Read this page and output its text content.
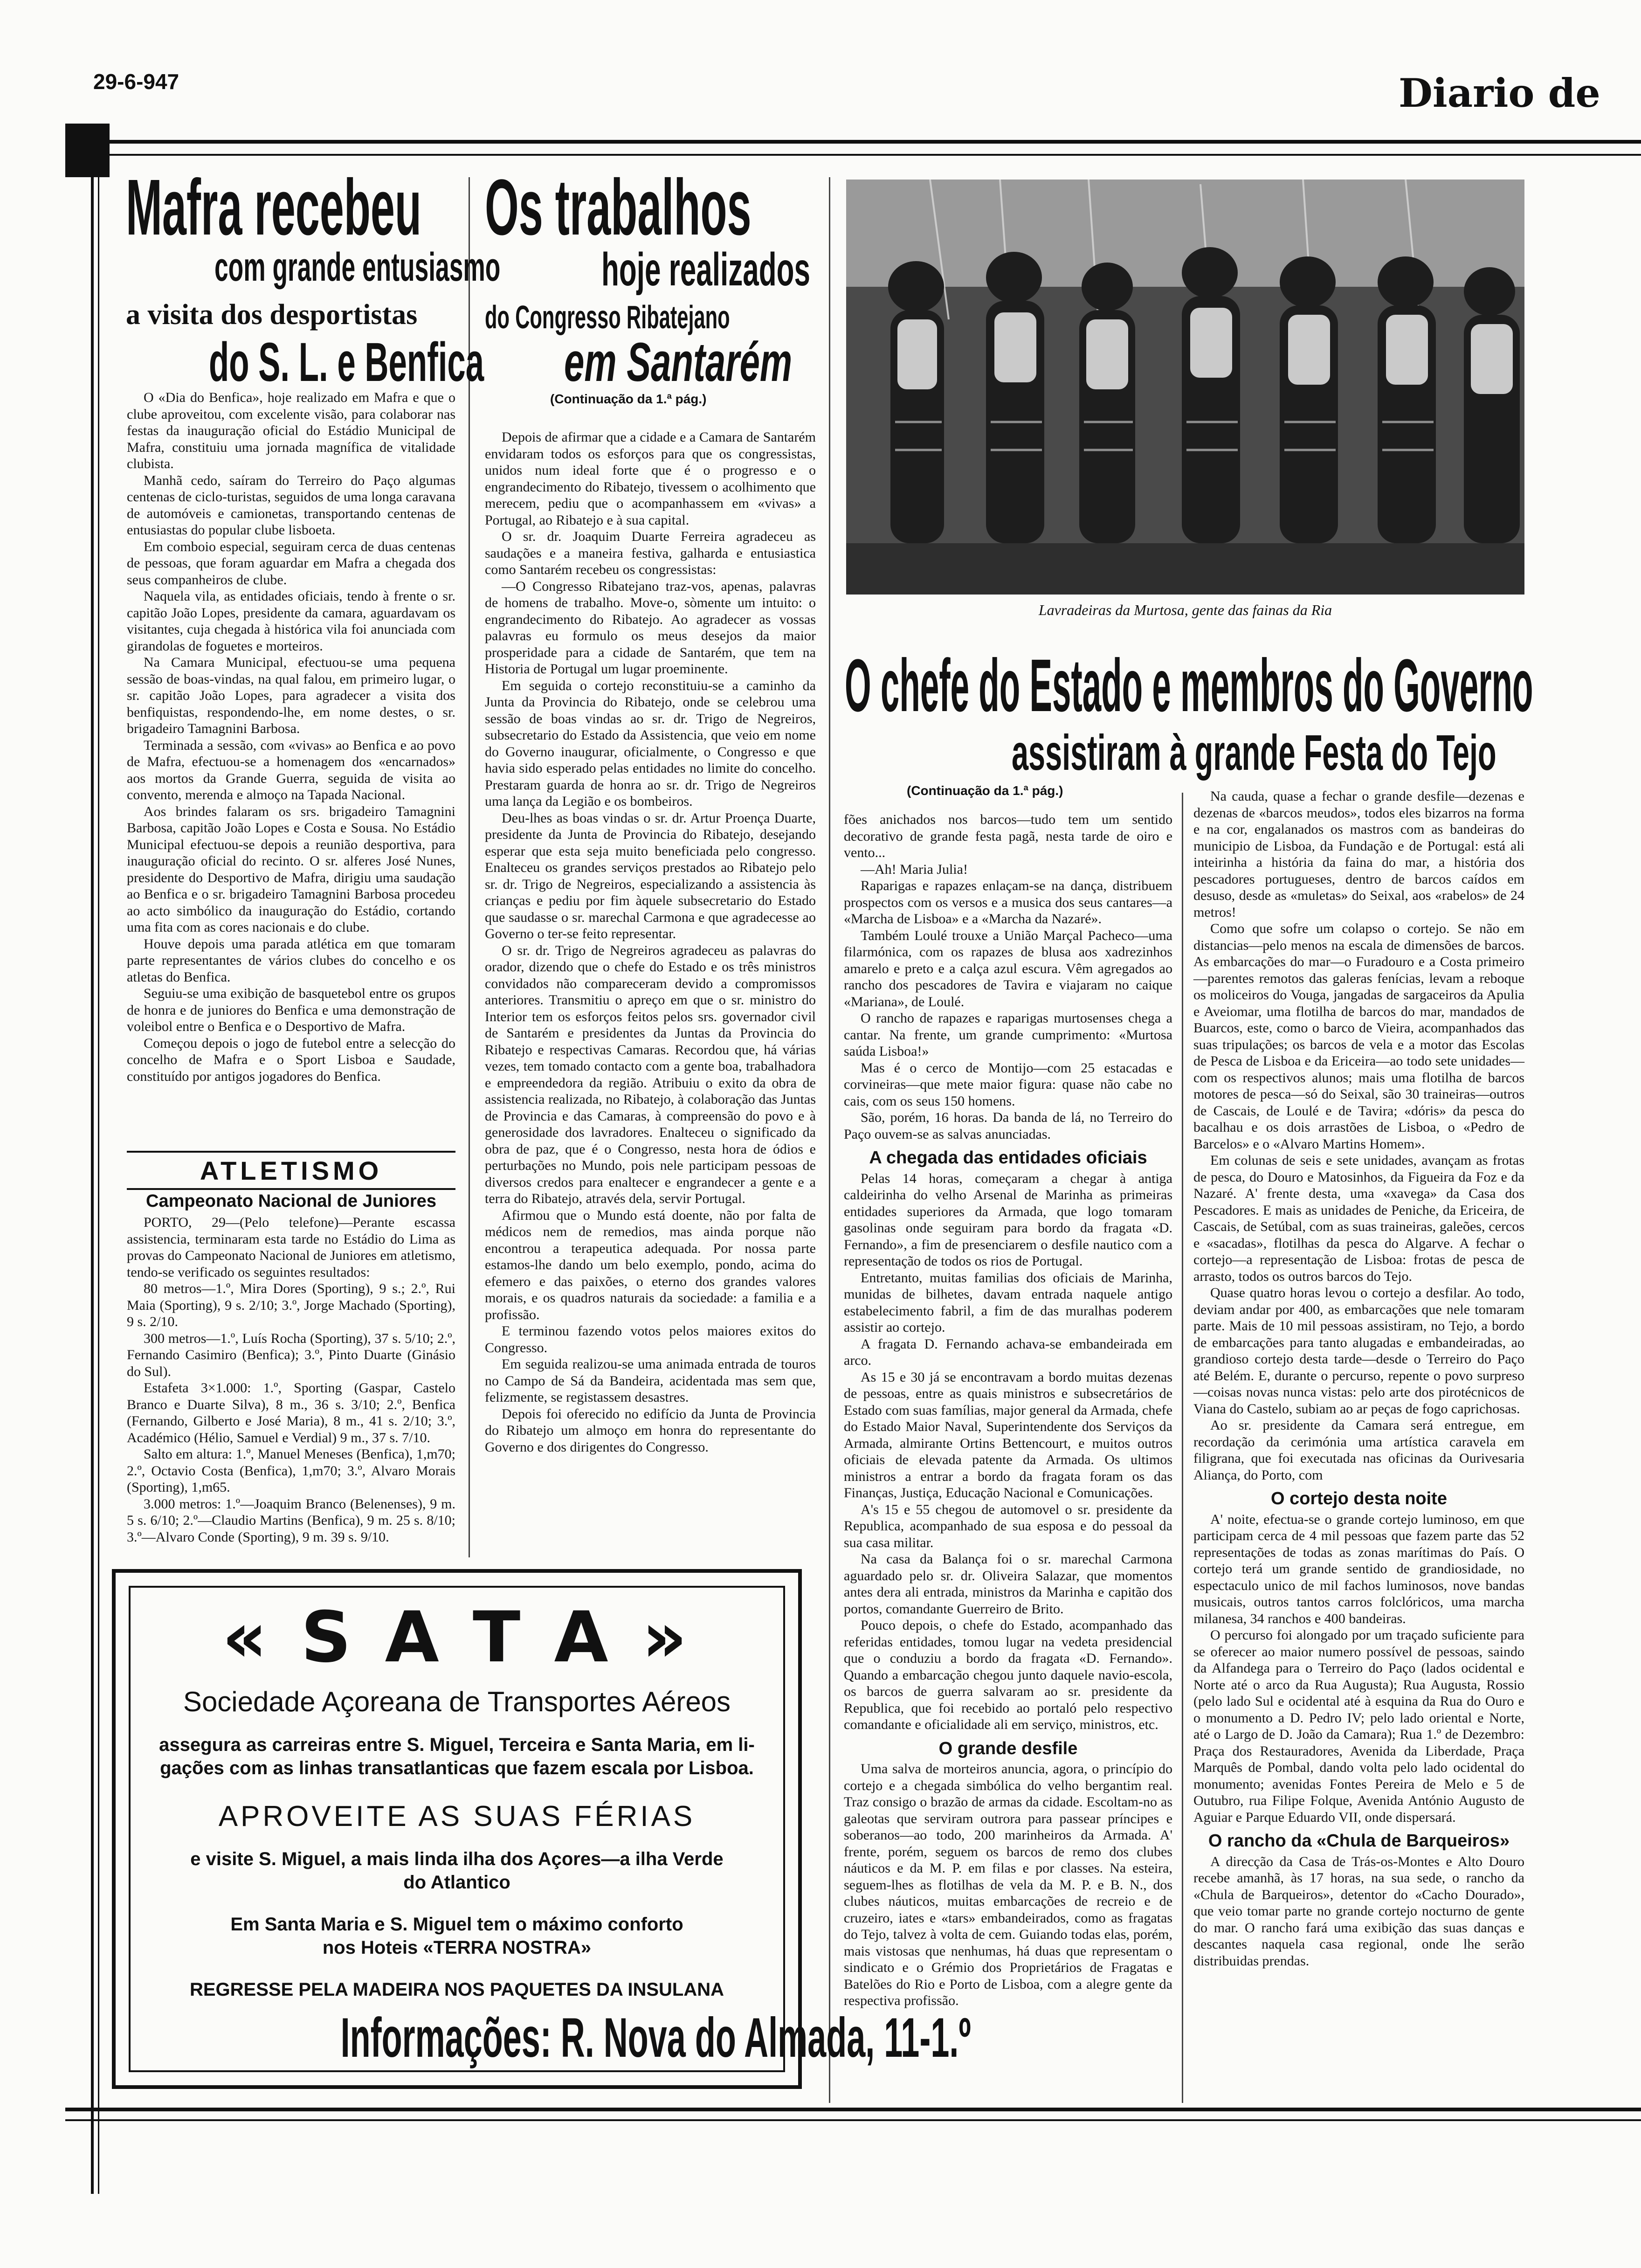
29-6-947	Diario de
Mafra recebeu
com grande entusiasmo
a visita dos desportistas
do S. L. e Benfica

O «Dia do Benfica», hoje realizado em Mafra e que o clube aproveitou, com excelente visão, para colaborar nas festas da inauguração oficial do Estádio Municipal de Mafra, constituiu uma jornada magnífica de vitalidade clubista.

Manhã cedo, saíram do Terreiro do Paço algumas centenas de ciclo-turistas, seguidos de uma longa caravana de automóveis e camionetas, transportando centenas de entusiastas do popular clube lisboeta.

Em comboio especial, seguiram cerca de duas centenas de pessoas, que foram aguardar em Mafra a chegada dos seus companheiros de clube.

Naquela vila, as entidades oficiais, tendo à frente o sr. capitão João Lopes, presidente da camara, aguardavam os visitantes, cuja chegada à histórica vila foi anunciada com girandolas de foguetes e morteiros.

Na Camara Municipal, efectuou-se uma pequena sessão de boas-vindas, na qual falou, em primeiro lugar, o sr. capitão João Lopes, para agradecer a visita dos benfiquistas, respondendo-lhe, em nome destes, o sr. brigadeiro Tamagnini Barbosa.

Terminada a sessão, com «vivas» ao Benfica e ao povo de Mafra, efectuou-se a homenagem dos «encarnados» aos mortos da Grande Guerra, seguida de visita ao convento, merenda e almoço na Tapada Nacional.

Aos brindes falaram os srs. brigadeiro Tamagnini Barbosa, capitão João Lopes e Costa e Sousa. No Estádio Municipal efectuou-se depois a reunião desportiva, para inauguração oficial do recinto. O sr. alferes José Nunes, presidente do Desportivo de Mafra, dirigiu uma saudação ao Benfica e o sr. brigadeiro Tamagnini Barbosa procedeu ao acto simbólico da inauguração do Estádio, cortando uma fita com as cores nacionais e do clube.

Houve depois uma parada atlética em que tomaram parte representantes de vários clubes do concelho e os atletas do Benfica.

Seguiu-se uma exibição de basquetebol entre os grupos de honra e de juniores do Benfica e uma demonstração de voleibol entre o Benfica e o Desportivo de Mafra.

Começou depois o jogo de futebol entre a selecção do concelho de Mafra e o Sport Lisboa e Saudade, constituído por antigos jogadores do Benfica.

ATLETISMO
Campeonato Nacional de Juniores

PORTO, 29—(Pelo telefone)—Perante escassa assistencia, terminaram esta tarde no Estádio do Lima as provas do Campeonato Nacional de Juniores em atletismo, tendo-se verificado os seguintes resultados:

80 metros—1.º, Mira Dores (Sporting), 9 s.; 2.º, Rui Maia (Sporting), 9 s. 2/10; 3.º, Jorge Machado (Sporting), 9 s. 2/10.

300 metros—1.º, Luís Rocha (Sporting), 37 s. 5/10; 2.º, Fernando Casimiro (Benfica); 3.º, Pinto Duarte (Ginásio do Sul).

Estafeta 3×1.000: 1.º, Sporting (Gaspar, Castelo Branco e Duarte Silva), 8 m., 36 s. 3/10; 2.º, Benfica (Fernando, Gilberto e José Maria), 8 m., 41 s. 2/10; 3.º, Académico (Hélio, Samuel e Verdial) 9 m., 37 s. 7/10.

Salto em altura: 1.º, Manuel Meneses (Benfica), 1,m70; 2.º, Octavio Costa (Benfica), 1,m70; 3.º, Alvaro Morais (Sporting), 1,m65.

3.000 metros: 1.º—Joaquim Branco (Belenenses), 9 m. 5 s. 6/10; 2.º—Claudio Martins (Benfica), 9 m. 25 s. 8/10; 3.º—Alvaro Conde (Sporting), 9 m. 39 s. 9/10.

Os trabalhos
hoje realizados
do Congresso Ribatejano
em Santarém
(Continuação da 1.ª pág.)

Depois de afirmar que a cidade e a Camara de Santarém envidaram todos os esforços para que os congressistas, unidos num ideal forte que é o progresso e o engrandecimento do Ribatejo, tivessem o acolhimento que merecem, pediu que o acompanhassem em «vivas» a Portugal, ao Ribatejo e à sua capital.

O sr. dr. Joaquim Duarte Ferreira agradeceu as saudações e a maneira festiva, galharda e entusiastica como Santarém recebeu os congressistas:

—O Congresso Ribatejano traz-vos, apenas, palavras de homens de trabalho. Move-o, sòmente um intuito: o engrandecimento do Ribatejo. Ao agradecer as vossas palavras eu formulo os meus desejos da maior prosperidade para a cidade de Santarém, que tem na Historia de Portugal um lugar proeminente.

Em seguida o cortejo reconstituiu-se a caminho da Junta da Provincia do Ribatejo, onde se celebrou uma sessão de boas vindas ao sr. dr. Trigo de Negreiros, subsecretario do Estado da Assistencia, que veio em nome do Governo inaugurar, oficialmente, o Congresso e que havia sido esperado pelas entidades no limite do concelho. Prestaram guarda de honra ao sr. dr. Trigo de Negreiros uma lança da Legião e os bombeiros.

Deu-lhes as boas vindas o sr. dr. Artur Proença Duarte, presidente da Junta de Provincia do Ribatejo, desejando esperar que esta seja muito beneficiada pelo congresso. Enalteceu os grandes serviços prestados ao Ribatejo pelo sr. dr. Trigo de Negreiros, especializando a assistencia às crianças e pediu por fim àquele subsecretario do Estado que saudasse o sr. marechal Carmona e que agradecesse ao Governo o ter-se feito representar.

O sr. dr. Trigo de Negreiros agradeceu as palavras do orador, dizendo que o chefe do Estado e os três ministros convidados não compareceram devido a compromissos anteriores. Transmitiu o apreço em que o sr. ministro do Interior tem os esforços feitos pelos srs. governador civil de Santarém e presidentes da Juntas da Provincia do Ribatejo e respectivas Camaras. Recordou que, há várias vezes, tem tomado contacto com a gente boa, trabalhadora e empreendedora da região. Atribuiu o exito da obra de assistencia realizada, no Ribatejo, à colaboração das Juntas de Provincia e das Camaras, à compreensão do povo e à generosidade dos lavradores. Enalteceu o significado da obra de paz, que é o Congresso, nesta hora de ódios e perturbações no Mundo, pois nele participam pessoas de diversos credos para enaltecer e engrandecer a gente e a terra do Ribatejo, através dela, servir Portugal.

Afirmou que o Mundo está doente, não por falta de médicos nem de remedios, mas ainda porque não encontrou a terapeutica adequada. Por nossa parte estamos-lhe dando um belo exemplo, pondo, acima do efemero e das paixões, o eterno dos grandes valores morais, e os quadros naturais da sociedade: a familia e a profissão.

E terminou fazendo votos pelos maiores exitos do Congresso.

Em seguida realizou-se uma animada entrada de touros no Campo de Sá da Bandeira, acidentada mas sem que, felizmente, se registassem desastres.

Depois foi oferecido no edifício da Junta de Provincia do Ribatejo um almoço em honra do representante do Governo e dos dirigentes do Congresso.

Lavradeiras da Murtosa, gente das fainas da Ria
O chefe do Estado e membros do Governo
assistiram à grande Festa do Tejo
(Continuação da 1.ª pág.)

fões anichados nos barcos—tudo tem um sentido decorativo de grande festa pagã, nesta tarde de oiro e vento...

—Ah! Maria Julia!

Raparigas e rapazes enlaçam-se na dança, distribuem prospectos com os versos e a musica dos seus cantares—a «Marcha de Lisboa» e a «Marcha da Nazaré».

Também Loulé trouxe a União Marçal Pacheco—uma filarmónica, com os rapazes de blusa aos xadrezinhos amarelo e preto e a calça azul escura. Vêm agregados ao rancho dos pescadores de Tavira e viajaram no caique «Mariana», de Loulé.

O rancho de rapazes e raparigas murtosenses chega a cantar. Na frente, um grande cumprimento: «Murtosa saúda Lisboa!»

Mas é o cerco de Montijo—com 25 estacadas e corvineiras—que mete maior figura: quase não cabe no cais, com os seus 150 homens.

São, porém, 16 horas. Da banda de lá, no Terreiro do Paço ouvem-se as salvas anunciadas.

A chegada das entidades oficiais

Pelas 14 horas, começaram a chegar à antiga caldeirinha do velho Arsenal de Marinha as primeiras entidades superiores da Armada, que logo tomaram gasolinas onde seguiram para bordo da fragata «D. Fernando», a fim de presenciarem o desfile nautico com a representação de todos os rios de Portugal.

Entretanto, muitas familias dos oficiais de Marinha, munidas de bilhetes, davam entrada naquele antigo estabelecimento fabril, a fim de das muralhas poderem assistir ao cortejo.

A fragata D. Fernando achava-se embandeirada em arco.

As 15 e 30 já se encontravam a bordo muitas dezenas de pessoas, entre as quais ministros e subsecretários de Estado com suas famílias, major general da Armada, chefe do Estado Maior Naval, Superintendente dos Serviços da Armada, almirante Ortins Bettencourt, e muitos outros oficiais de elevada patente da Armada. Os ultimos ministros a entrar a bordo da fragata foram os das Finanças, Justiça, Educação Nacional e Comunicações.

A's 15 e 55 chegou de automovel o sr. presidente da Republica, acompanhado de sua esposa e do pessoal da sua casa militar.

Na casa da Balança foi o sr. marechal Carmona aguardado pelo sr. dr. Oliveira Salazar, que momentos antes dera ali entrada, ministros da Marinha e capitão dos portos, comandante Guerreiro de Brito.

Pouco depois, o chefe do Estado, acompanhado das referidas entidades, tomou lugar na vedeta presidencial que o conduziu a bordo da fragata «D. Fernando». Quando a embarcação chegou junto daquele navio-escola, os barcos de guerra salvaram ao sr. presidente da Republica, que foi recebido ao portaló pelo respectivo comandante e oficialidade ali em serviço, ministros, etc.

O grande desfile

Uma salva de morteiros anuncia, agora, o princípio do cortejo e a chegada simbólica do velho bergantim real. Traz consigo o brazão de armas da cidade. Escoltam-no as galeotas que serviram outrora para passear príncipes e soberanos—ao todo, 200 marinheiros da Armada. A' frente, porém, seguem os barcos de remo dos clubes náuticos e da M. P. em filas e por classes. Na esteira, seguem-lhes as flotilhas de vela da M. P. e B. N., dos clubes náuticos, muitas embarcações de recreio e de cruzeiro, iates e «tars» embandeirados, como as fragatas do Tejo, talvez à volta de cem. Guiando todas elas, porém, mais vistosas que nenhumas, há duas que representam o sindicato e o Grémio dos Proprietários de Fragatas e Batelões do Rio e Porto de Lisboa, com a alegre gente da respectiva profissão.

Na cauda, quase a fechar o grande desfile—dezenas e dezenas de «barcos meudos», todos eles bizarros na forma e na cor, engalanados os mastros com as bandeiras do municipio de Lisboa, da Fundação e de Portugal: está ali inteirinha a história da faina do mar, a história dos pescadores portugueses, dentro de barcos caídos em desuso, desde as «muletas» do Seixal, aos «rabelos» de 24 metros!

Como que sofre um colapso o cortejo. Se não em distancias—pelo menos na escala de dimensões de barcos. As embarcações do mar—o Furadouro e a Costa primeiro—parentes remotos das galeras fenícias, levam a reboque os moliceiros do Vouga, jangadas de sargaceiros da Apulia e Aveiomar, uma flotilha de barcos do mar, mandados de Buarcos, este, como o barco de Vieira, acompanhados das suas tripulações; os barcos de vela e a motor das Escolas de Pesca de Lisboa e da Ericeira—ao todo sete unidades—com os respectivos alunos; mais uma flotilha de barcos motores de pesca—só do Seixal, são 30 traineiras—outros de Cascais, de Loulé e de Tavira; «dóris» da pesca do bacalhau e os dois arrastões de Lisboa, o «Pedro de Barcelos» e o «Alvaro Martins Homem».

Em colunas de seis e sete unidades, avançam as frotas de pesca, do Douro e Matosinhos, da Figueira da Foz e da Nazaré. A' frente desta, uma «xavega» da Casa dos Pescadores. E mais as unidades de Peniche, da Ericeira, de Cascais, de Setúbal, com as suas traineiras, galeões, cercos e «sacadas», flotilhas da pesca do Algarve. A fechar o cortejo—a representação de Lisboa: frotas de pesca de arrasto, todos os outros barcos do Tejo.

Quase quatro horas levou o cortejo a desfilar. Ao todo, deviam andar por 400, as embarcações que nele tomaram parte. Mais de 10 mil pessoas assistiram, no Tejo, a bordo de embarcações para tanto alugadas e embandeiradas, ao grandioso cortejo desta tarde—desde o Terreiro do Paço até Belém. E, durante o percurso, repente o povo surpreso—coisas novas nunca vistas: pelo arte dos pirotécnicos de Viana do Castelo, subiam ao ar peças de fogo caprichosas.

Ao sr. presidente da Camara será entregue, em recordação da cerimónia uma artística caravela em filigrana, que foi executada nas oficinas da Ourivesaria Aliança, do Porto, com

O cortejo desta noite

A' noite, efectua-se o grande cortejo luminoso, em que participam cerca de 4 mil pessoas que fazem parte das 52 representações de todas as zonas marítimas do País. O cortejo terá um grande sentido de grandiosidade, no espectaculo unico de mil fachos luminosos, nove bandas musicais, outros tantos carros folclóricos, uma marcha milanesa, 34 ranchos e 400 bandeiras.

O percurso foi alongado por um traçado suficiente para se oferecer ao maior numero possível de pessoas, saindo da Alfandega para o Terreiro do Paço (lados ocidental e Norte até o arco da Rua Augusta); Rua Augusta, Rossio (pelo lado Sul e ocidental até à esquina da Rua do Ouro e o monumento a D. Pedro IV; pelo lado oriental e Norte, até o Largo de D. João da Camara); Rua 1.º de Dezembro: Praça dos Restauradores, Avenida da Liberdade, Praça Marquês de Pombal, dando volta pelo lado ocidental do monumento; avenidas Fontes Pereira de Melo e 5 de Outubro, rua Filipe Folque, Avenida António Augusto de Aguiar e Parque Eduardo VII, onde dispersará.

O rancho da «Chula de Barqueiros»

A direcção da Casa de Trás-os-Montes e Alto Douro recebe amanhã, às 17 horas, na sua sede, o rancho da «Chula de Barqueiros», detentor do «Cacho Dourado», que veio tomar parte no grande cortejo nocturno de gente do mar. O rancho fará uma exibição das suas danças e descantes naquela casa regional, onde lhe serão distribuidas prendas.

« S A T A »
Sociedade Açoreana de Transportes Aéreos
assegura as carreiras entre S. Miguel, Terceira e Santa Maria, em li-
gações com as linhas transatlanticas que fazem escala por Lisboa.
APROVEITE AS SUAS FÉRIAS
e visite S. Miguel, a mais linda ilha dos Açores—a ilha Verde
do Atlantico
Em Santa Maria e S. Miguel tem o máximo conforto
nos Hoteis «TERRA NOSTRA»
REGRESSE PELA MADEIRA NOS PAQUETES DA INSULANA
Informações: R. Nova do Almada, 11-1.º
